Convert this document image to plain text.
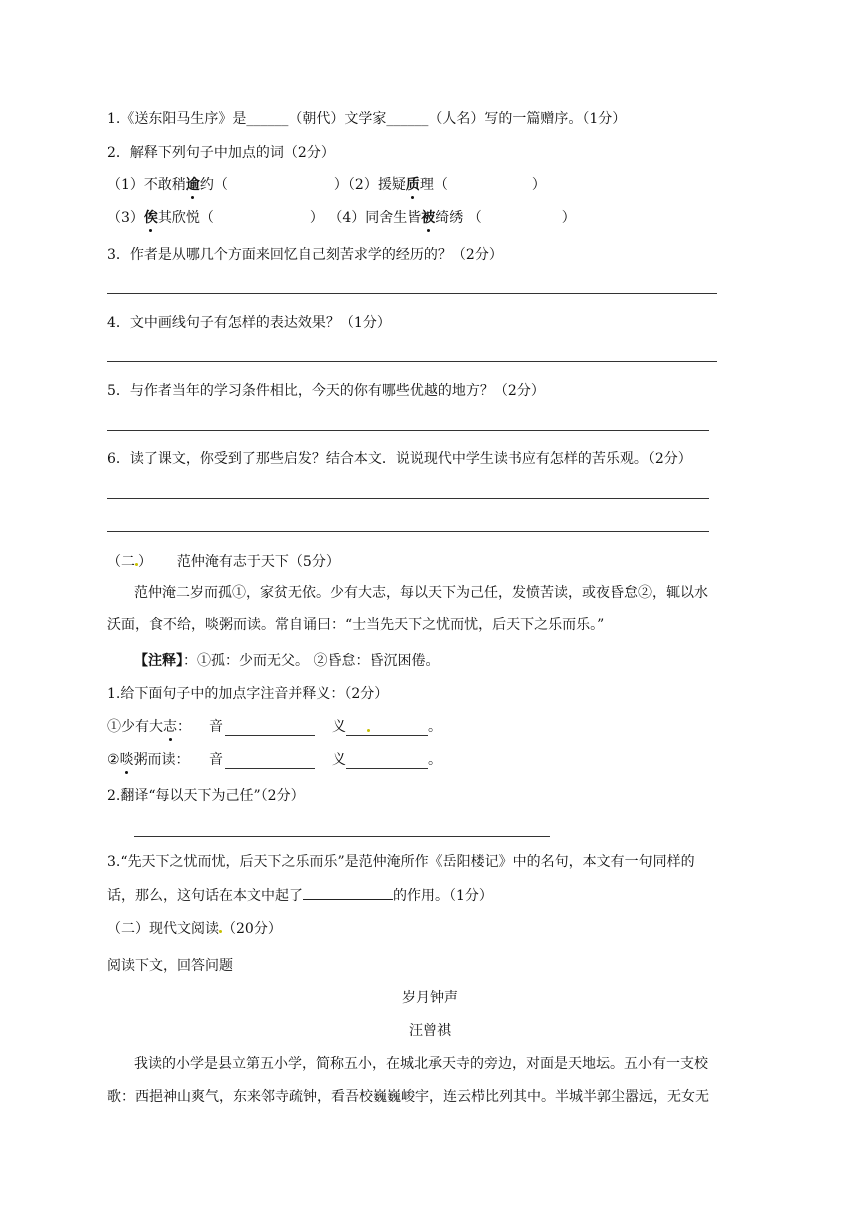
1.《送东阳马生序》是______（朝代）文学家______（人名）写的一篇赠序。（1分）
2．解释下列句子中加点的词（2分）
（1）不敢稍逾约（	）（2）援疑质理（	）
（3）俟其欣悦（	） （4）同舍生皆被绮绣 （	）
3．作者是从哪几个方面来回忆自己刻苦求学的经历的？（2分）
4．文中画线句子有怎样的表达效果？（1分）
5．与作者当年的学习条件相比，今天的你有哪些优越的地方？（2分）
6．读了课文，你受到了那些启发？结合本文．说说现代中学生读书应有怎样的苦乐观。（2分）
（二 ） 范仲淹有志于天下（5分）
范仲淹二岁而孤①，家贫无依。少有大志，每以天下为己任，发愤苦读，或夜昏怠②，辄以水
沃面，食不给，啖粥而读。常自诵曰：“士当先天下之忧而忧，后天下之乐而乐。”
【注释】：①孤：少而无父。 ②昏怠：昏沉困倦。
1.给下面句子中的加点字注音并释义：（2分）
①少有大志： 音	义	。
②啖粥而读： 音	义	。
2.翻译“每以天下为己任”（2分）
3.“先天下之忧而忧，后天下之乐而乐”是范仲淹所作《岳阳楼记》中的名句，本文有一句同样的
话，那么，这句话在本文中起了	的作用。（1分）
（二）现代文阅读 （20分）
阅读下文，回答问题
岁月钟声
汪曾祺
我读的小学是县立第五小学，简称五小，在城北承天寺的旁边，对面是天地坛。五小有一支校
歌：西挹神山爽气，东来邻寺疏钟，看吾校巍巍峻宇，连云栉比列其中。半城半郭尘嚣远，无女无
